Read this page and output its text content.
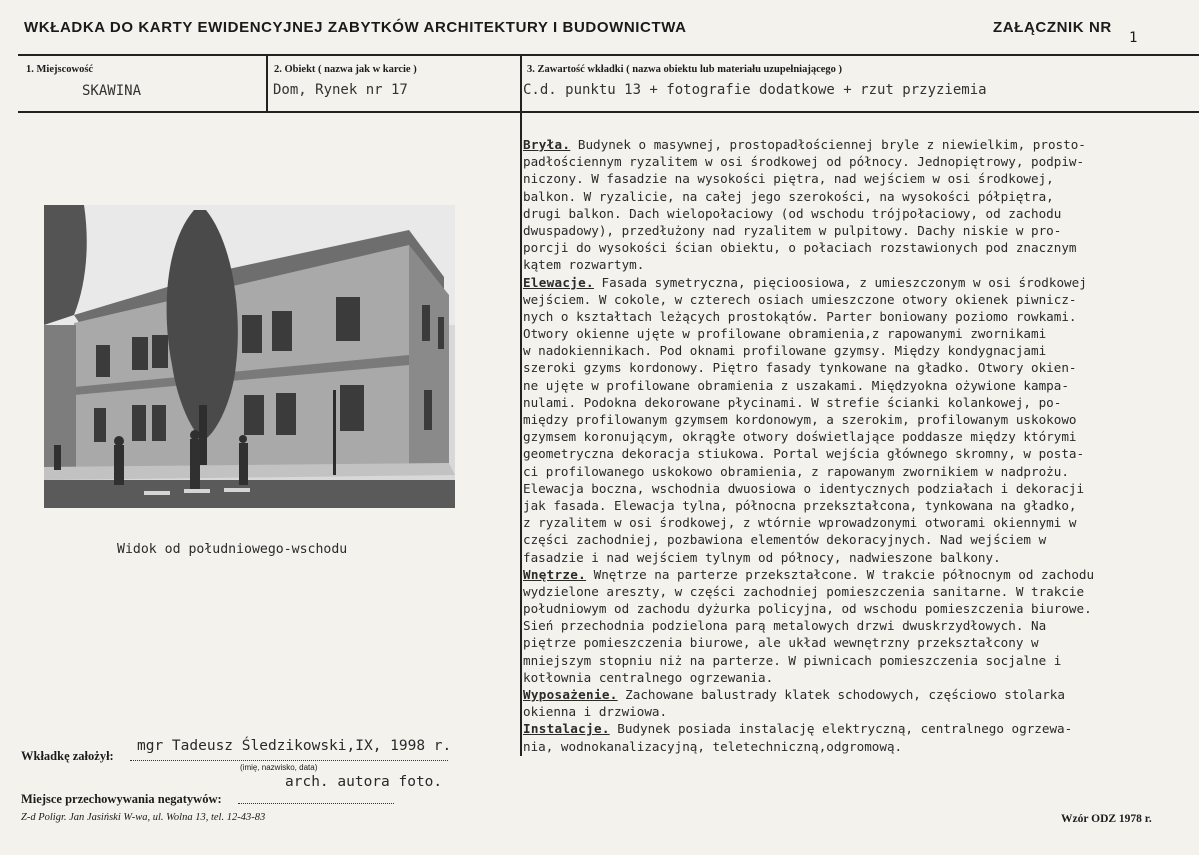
WKŁADKA DO KARTY EWIDENCYJNEJ ZABYTKÓW ARCHITEKTURY I BUDOWNICTWA	ZAŁĄCZNIK NR
1
1. Miejscowość
SKAWINA
2. Obiekt ( nazwa jak w karcie )
Dom, Rynek nr 17
3. Zawartość wkładki ( nazwa obiektu lub materiału uzupełniającego )
C.d. punktu 13 + fotografie dodatkowe + rzut przyziemia
Widok od południowego-wschodu
Bryła. Budynek o masywnej, prostopadłościennej bryle z niewielkim, prosto-
padłościennym ryzalitem w osi środkowej od północy. Jednopiętrowy, podpiw-
niczony. W fasadzie na wysokości piętra, nad wejściem w osi środkowej,
balkon. W ryzalicie, na całej jego szerokości, na wysokości półpiętra,
drugi balkon. Dach wielopołaciowy (od wschodu trójpołaciowy, od zachodu
dwuspadowy), przedłużony nad ryzalitem w pulpitowy. Dachy niskie w pro-
porcji do wysokości ścian obiektu, o połaciach rozstawionych pod znacznym
kątem rozwartym.
Elewacje. Fasada symetryczna, pięcioosiowa, z umieszczonym w osi środkowej
wejściem. W cokole, w czterech osiach umieszczone otwory okienek piwnicz-
nych o kształtach leżących prostokątów. Parter boniowany poziomo rowkami.
Otwory okienne ujęte w profilowane obramienia,z rapowanymi zwornikami
w nadokiennikach. Pod oknami profilowane gzymsy. Między kondygnacjami
szeroki gzyms kordonowy. Piętro fasady tynkowane na gładko. Otwory okien-
ne ujęte w profilowane obramienia z uszakami. Międzyokna ożywione kampa-
nulami. Podokna dekorowane płycinami. W strefie ścianki kolankowej, po-
między profilowanym gzymsem kordonowym, a szerokim, profilowanym uskokowo
gzymsem koronującym, okrągłe otwory doświetlające poddasze między którymi
geometryczna dekoracja stiukowa. Portal wejścia głównego skromny, w posta-
ci profilowanego uskokowo obramienia, z rapowanym zwornikiem w nadprożu.
Elewacja boczna, wschodnia dwuosiowa o identycznych podziałach i dekoracji
jak fasada. Elewacja tylna, północna przekształcona, tynkowana na gładko,
z ryzalitem w osi środkowej, z wtórnie wprowadzonymi otworami okiennymi w
części zachodniej, pozbawiona elementów dekoracyjnych. Nad wejściem w
fasadzie i nad wejściem tylnym od północy, nadwieszone balkony.
Wnętrze. Wnętrze na parterze przekształcone. W trakcie północnym od zachodu
wydzielone areszty, w części zachodniej pomieszczenia sanitarne. W trakcie
południowym od zachodu dyżurka policyjna, od wschodu pomieszczenia biurowe.
Sień przechodnia podzielona parą metalowych drzwi dwuskrzydłowych. Na
piętrze pomieszczenia biurowe, ale układ wewnętrzny przekształcony w
mniejszym stopniu niż na parterze. W piwnicach pomieszczenia socjalne i
kotłownia centralnego ogrzewania.
Wyposażenie. Zachowane balustrady klatek schodowych, częściowo stolarka
okienna i drzwiowa.
Instalacje. Budynek posiada instalację elektryczną, centralnego ogrzewa-
nia, wodnokanalizacyjną, teletechniczną,odgromową.
Wkładkę założył:
mgr Tadeusz Śledzikowski,IX, 1998 r.
(imię, nazwisko, data)
arch. autora foto.
Miejsce przechowywania negatywów:
Z-d Poligr. Jan Jasiński W-wa, ul. Wolna 13, tel. 12-43-83	Wzór ODZ 1978 r.
